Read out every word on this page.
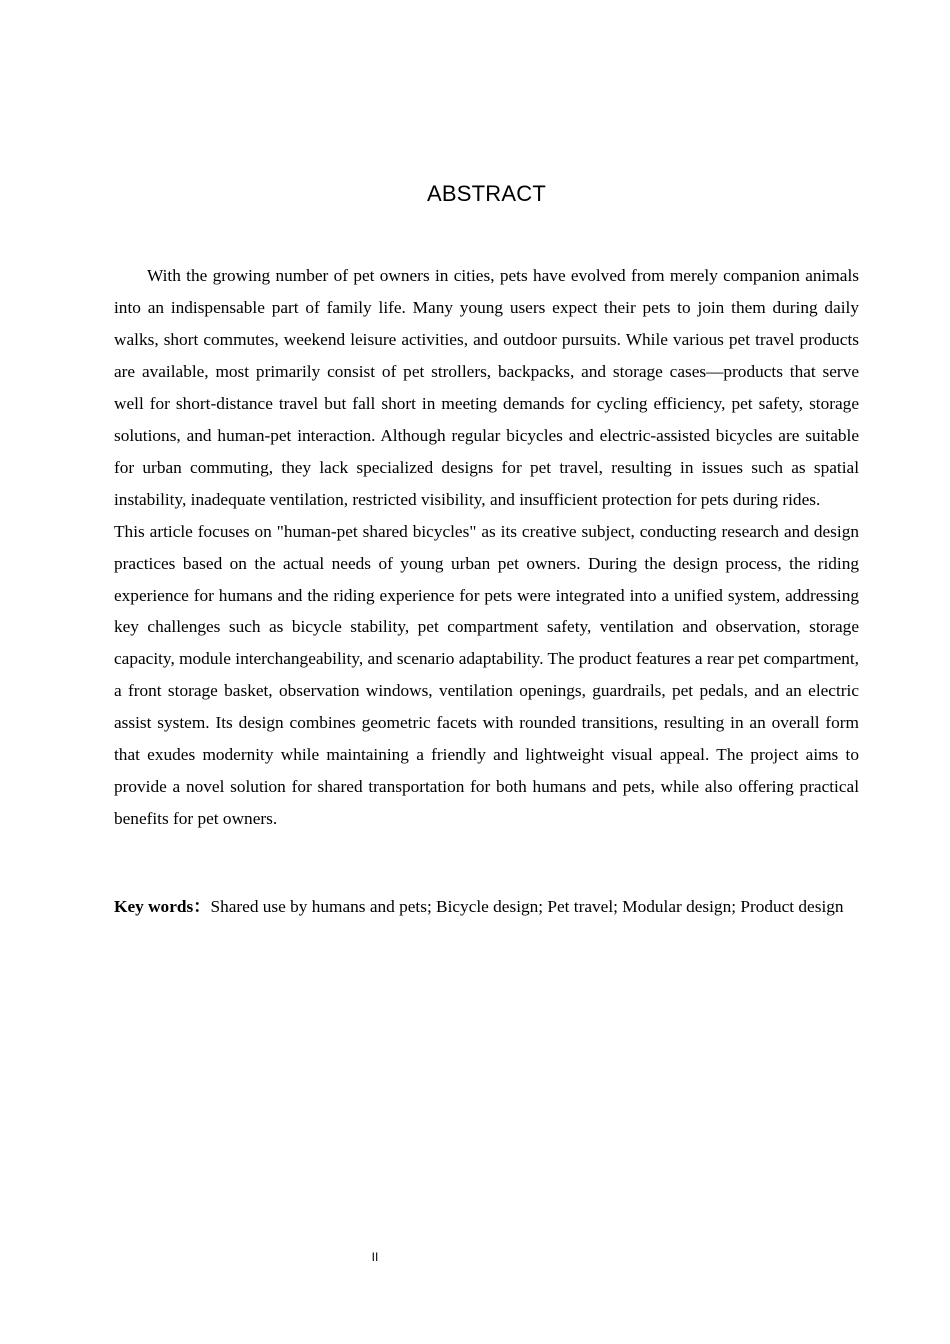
ABSTRACT

With the growing number of pet owners in cities, pets have evolved from merely companion animals into an indispensable part of family life. Many young users expect their pets to join them during daily walks, short commutes, weekend leisure activities, and outdoor pursuits. While various pet travel products are available, most primarily consist of pet strollers, backpacks, and storage cases—products that serve well for short-distance travel but fall short in meeting demands for cycling efficiency, pet safety, storage solutions, and human-pet interaction. Although regular bicycles and electric-assisted bicycles are suitable for urban commuting, they lack specialized designs for pet travel, resulting in issues such as spatial instability, inadequate ventilation, restricted visibility, and insufficient protection for pets during rides.

This article focuses on "human-pet shared bicycles" as its creative subject, conducting research and design practices based on the actual needs of young urban pet owners. During the design process, the riding experience for humans and the riding experience for pets were integrated into a unified system, addressing key challenges such as bicycle stability, pet compartment safety, ventilation and observation, storage capacity, module interchangeability, and scenario adaptability. The product features a rear pet compartment, a front storage basket, observation windows, ventilation openings, guardrails, pet pedals, and an electric assist system. Its design combines geometric facets with rounded transitions, resulting in an overall form that exudes modernity while maintaining a friendly and lightweight visual appeal. The project aims to provide a novel solution for shared transportation for both humans and pets, while also offering practical benefits for pet owners.

Key words：Shared use by humans and pets; Bicycle design; Pet travel; Modular design; Product design
II
